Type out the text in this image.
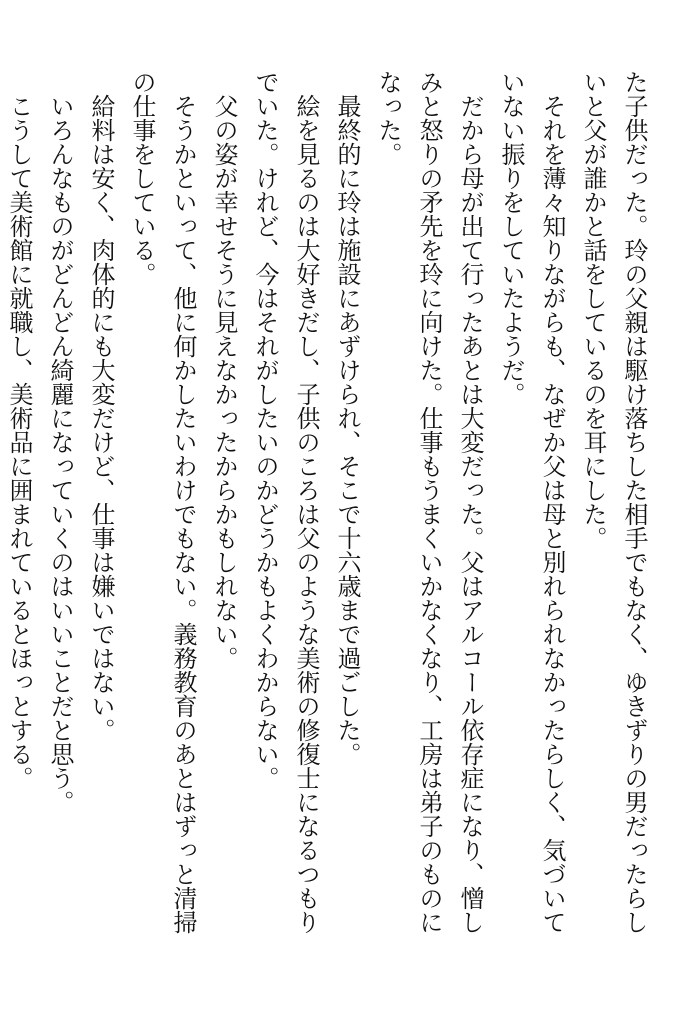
た子供だった。玲の父親は駆け落ちした相手でもなく、ゆきずりの男だったらしいと父が誰かと話をしているのを耳にした。

それを薄々知りながらも、なぜか父は母と別れられなかったらしく、気づいていない振りをしていたようだ。

だから母が出て行ったあとは大変だった。父はアルコール依存症になり、憎しみと怒りの矛先を玲に向けた。仕事もうまくいかなくなり、工房は弟子のものになった。

最終的に玲は施設にあずけられ、そこで十六歳まで過ごした。

絵を見るのは大好きだし、子供のころは父のような美術の修復士になるつもりでいた。けれど、今はそれがしたいのかどうかもよくわからない。

父の姿が幸せそうに見えなかったからかもしれない。

そうかといって、他に何かしたいわけでもない。義務教育のあとはずっと清掃の仕事をしている。

給料は安く、肉体的にも大変だけど、仕事は嫌いではない。

いろんなものがどんどん綺麗になっていくのはいいことだと思う。

こうして美術館に就職し、美術品に囲まれているとほっとする。
